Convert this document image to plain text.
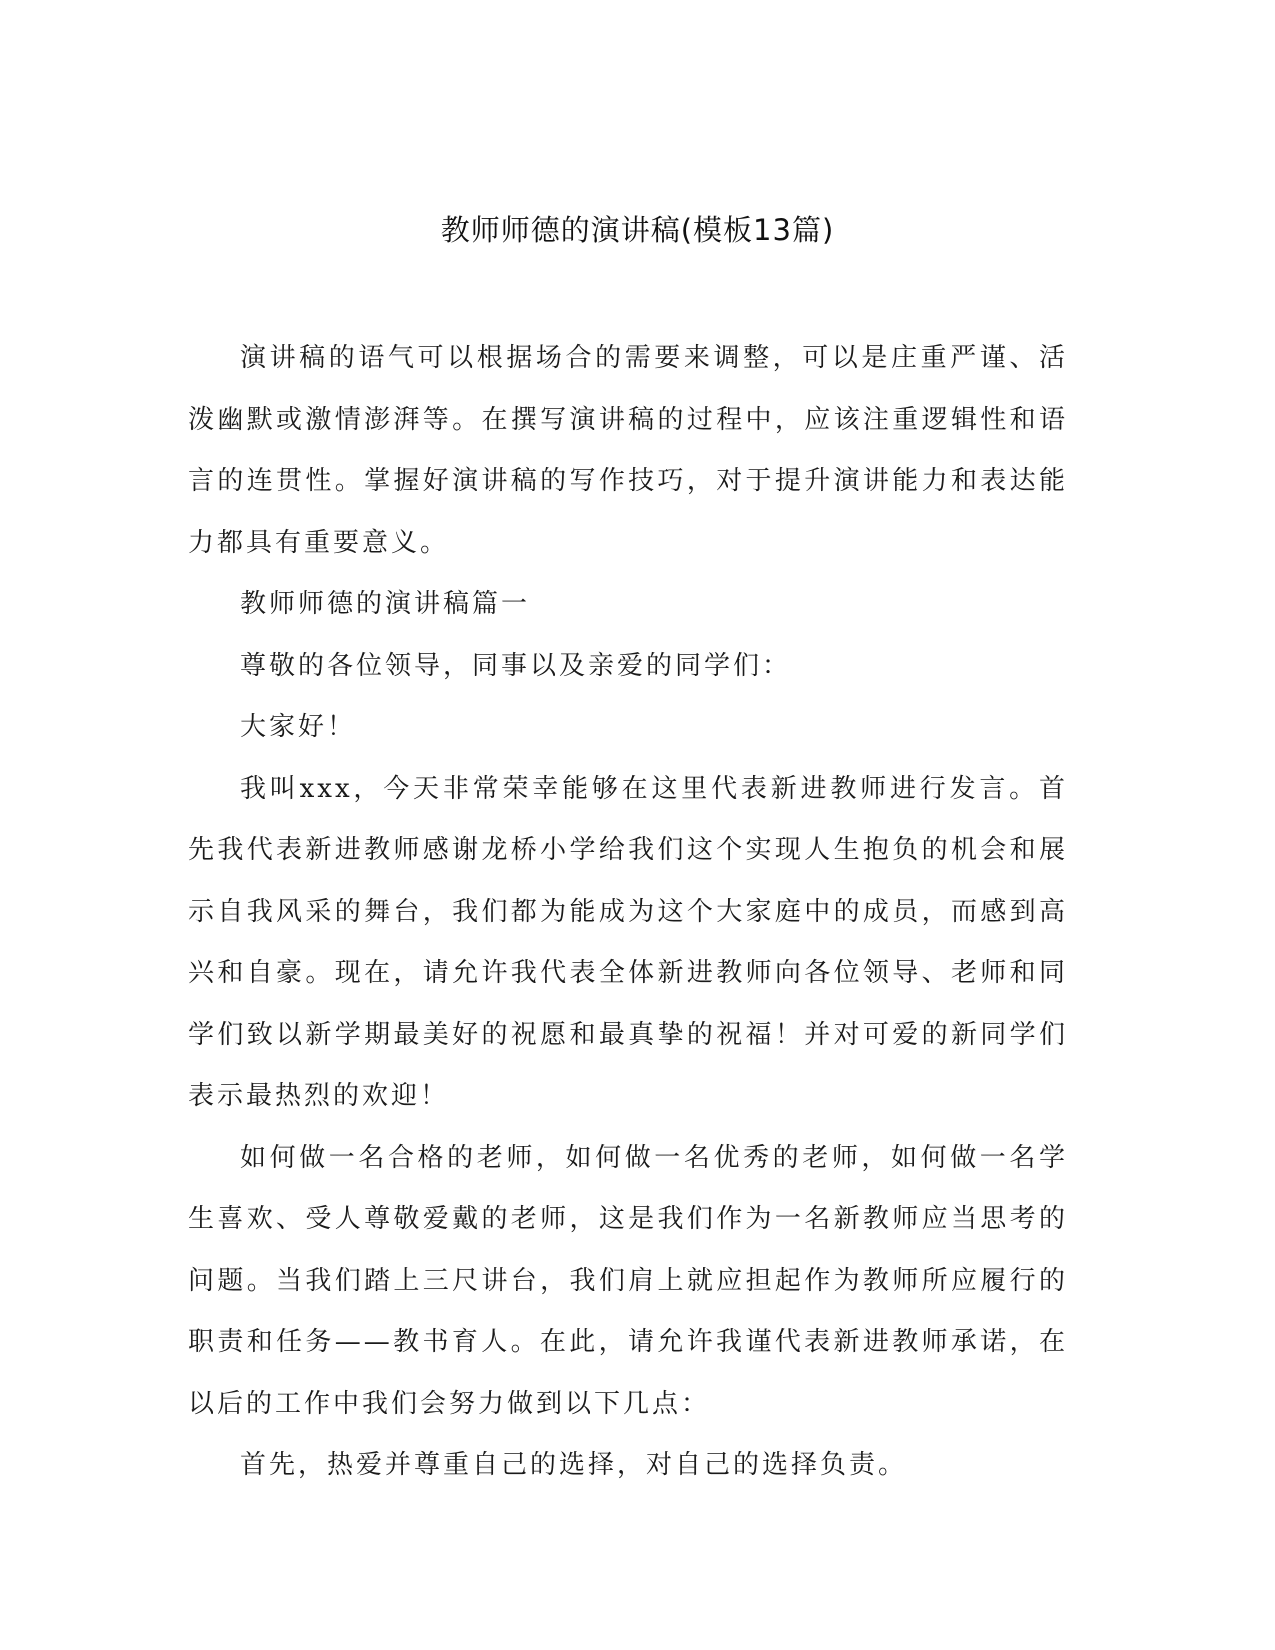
教师师德的演讲稿(模板13篇)

演讲稿的语气可以根据场合的需要来调整，可以是庄重严谨、活泼幽默或激情澎湃等。在撰写演讲稿的过程中，应该注重逻辑性和语言的连贯性。掌握好演讲稿的写作技巧，对于提升演讲能力和表达能力都具有重要意义。

教师师德的演讲稿篇一

尊敬的各位领导，同事以及亲爱的同学们：

大家好！

我叫xxx，今天非常荣幸能够在这里代表新进教师进行发言。首先我代表新进教师感谢龙桥小学给我们这个实现人生抱负的机会和展示自我风采的舞台，我们都为能成为这个大家庭中的成员，而感到高兴和自豪。现在，请允许我代表全体新进教师向各位领导、老师和同学们致以新学期最美好的祝愿和最真挚的祝福！并对可爱的新同学们表示最热烈的欢迎！

如何做一名合格的老师，如何做一名优秀的老师，如何做一名学生喜欢、受人尊敬爱戴的老师，这是我们作为一名新教师应当思考的问题。当我们踏上三尺讲台，我们肩上就应担起作为教师所应履行的职责和任务——教书育人。在此，请允许我谨代表新进教师承诺，在以后的工作中我们会努力做到以下几点：

首先，热爱并尊重自己的选择，对自己的选择负责。
